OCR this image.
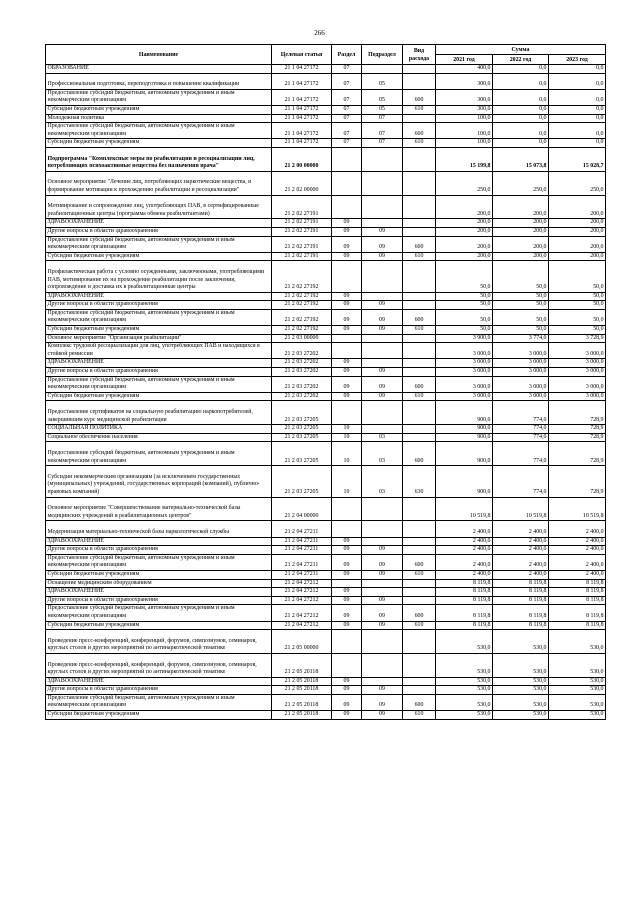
266
Наименование	Целевая статья	Раздел	Подраздел	Вид расхода	Сумма		
					2021 год	2022 год	2023 год
ОБРАЗОВАНИЕ	21 1 04 27172	07			400,0	0,0	0,0
Профессиональная подготовка, переподготовка и повышение квалификации	21 1 04 27172	07	05		300,0	0,0	0,0
Предоставление субсидий бюджетным, автономным учреждениям и иным некоммерческим организациям	21 1 04 27172	07	05	600	300,0	0,0	0,0
Субсидии бюджетным учреждениям	21 1 04 27172	07	05	610	300,0	0,0	0,0
Молодежная политика	21 1 04 27172	07	07		100,0	0,0	0,0
Предоставление субсидий бюджетным, автономным учреждениям и иным некоммерческим организациям	21 1 04 27172	07	07	600	100,0	0,0	0,0
Субсидии бюджетным учреждениям	21 1 04 27172	07	07	610	100,0	0,0	0,0
Подпрограмма "Комплексные меры по реабилитации и ресоциализации лиц, потребляющих психоактивные вещества без назначения врача"	21 2 00 00000				15 199,8	15 073,8	15 028,7
Основное мероприятие "Лечение лиц, потребляющих наркотические вещества, и формирование мотивации к прохождению реабилитации и ресоциализации"	21 2 02 00000				250,0	250,0	250,0
Мотивирование и сопровождение лиц, употребляющих ПАВ, в сертифицированные реабилитационные центры (программа обмена реабилитантами)	21 2 02 27191				200,0	200,0	200,0
ЗДРАВООХРАНЕНИЕ	21 2 02 27191	09			200,0	200,0	200,0
Другие вопросы в области здравоохранения	21 2 02 27191	09	09		200,0	200,0	200,0
Предоставление субсидий бюджетным, автономным учреждениям и иным некоммерческим организациям	21 2 02 27191	09	09	600	200,0	200,0	200,0
Субсидии бюджетным учреждениям	21 2 02 27191	09	09	610	200,0	200,0	200,0
Профилактическая работа с условно осужденными, заключенными, употребляющими ПАВ, мотивирование их на прохождение реабилитации после заключения, сопровождение и доставка их в реабилитационные центры	21 2 02 27192				50,0	50,0	50,0
ЗДРАВООХРАНЕНИЕ	21 2 02 27192	09			50,0	50,0	50,0
Другие вопросы в области здравоохранения	21 2 02 27192	09	09		50,0	50,0	50,0
Предоставление субсидий бюджетным, автономным учреждениям и иным некоммерческим организациям	21 2 02 27192	09	09	600	50,0	50,0	50,0
Субсидии бюджетным учреждениям	21 2 02 27192	09	09	610	50,0	50,0	50,0
Основное мероприятие "Организация реабилитации"	21 2 03 00000				3 900,0	3 774,0	3 728,9
Комплекс трудовой ресоциализации для лиц, употребляющих ПАВ и находящихся в стойкой ремиссии	21 2 03 27202				3 000,0	3 000,0	3 000,0
ЗДРАВООХРАНЕНИЕ	21 2 03 27202	09			3 000,0	3 000,0	3 000,0
Другие вопросы в области здравоохранения	21 2 03 27202	09	09		3 000,0	3 000,0	3 000,0
Предоставление субсидий бюджетным, автономным учреждениям и иным некоммерческим организациям	21 2 03 27202	09	09	600	3 000,0	3 000,0	3 000,0
Субсидии бюджетным учреждениям	21 2 03 27202	09	09	610	3 000,0	3 000,0	3 000,0
Предоставление сертификатов на социальную реабилитацию наркопотребителей, завершившим курс медицинской реабилитации	21 2 03 27205				900,0	774,0	728,9
СОЦИАЛЬНАЯ ПОЛИТИКА	21 2 03 27205	10			900,0	774,0	728,9
Социальное обеспечение населения	21 2 03 27205	10	03		900,0	774,0	728,9
Предоставление субсидий бюджетным, автономным учреждениям и иным некоммерческим организациям	21 2 03 27205	10	03	600	900,0	774,0	728,9
Субсидии некоммерческим организациям (за исключением государственных (муниципальных) учреждений, государственных корпораций (компаний), публично-правовых компаний)	21 2 03 27205	10	03	630	900,0	774,0	728,9
Основное мероприятие "Совершенствование материально-технической базы медицинских учреждений и реабилитационных центров"	21 2 04 00000				10 519,8	10 519,8	10 519,8
Модернизация материально-технической базы наркологической службы	21 2 04 27211				2 400,0	2 400,0	2 400,0
ЗДРАВООХРАНЕНИЕ	21 2 04 27211	09			2 400,0	2 400,0	2 400,0
Другие вопросы в области здравоохранения	21 2 04 27211	09	09		2 400,0	2 400,0	2 400,0
Предоставление субсидий бюджетным, автономным учреждениям и иным некоммерческим организациям	21 2 04 27211	09	09	600	2 400,0	2 400,0	2 400,0
Субсидии бюджетным учреждениям	21 2 04 27211	09	09	610	2 400,0	2 400,0	2 400,0
Оснащение медицинским оборудованием	21 2 04 27212				8 119,8	8 119,8	8 119,8
ЗДРАВООХРАНЕНИЕ	21 2 04 27212	09			8 119,8	8 119,8	8 119,8
Другие вопросы в области здравоохранения	21 2 04 27212	09	09		8 119,8	8 119,8	8 119,8
Предоставление субсидий бюджетным, автономным учреждениям и иным некоммерческим организациям	21 2 04 27212	09	09	600	8 119,8	8 119,8	8 119,8
Субсидии бюджетным учреждениям	21 2 04 27212	09	09	610	8 119,8	8 119,8	8 119,8
Проведение пресс-конференций, конференций, форумов, симпозиумов, семинаров, круглых столов и других мероприятий по антинаркотической тематике	21 2 05 00000				530,0	530,0	530,0
Проведение пресс-конференций, конференций, форумов, симпозиумов, семинаров, круглых столов и других мероприятий по антинаркотической тематике	21 2 05 20118				530,0	530,0	530,0
ЗДРАВООХРАНЕНИЕ	21 2 05 20118	09			530,0	530,0	530,0
Другие вопросы в области здравоохранения	21 2 05 20118	09	09		530,0	530,0	530,0
Предоставление субсидий бюджетным, автономным учреждениям и иным некоммерческим организациям	21 2 05 20118	09	09	600	530,0	530,0	530,0
Субсидии бюджетным учреждениям	21 2 05 20118	09	09	610	530,0	530,0	530,0
